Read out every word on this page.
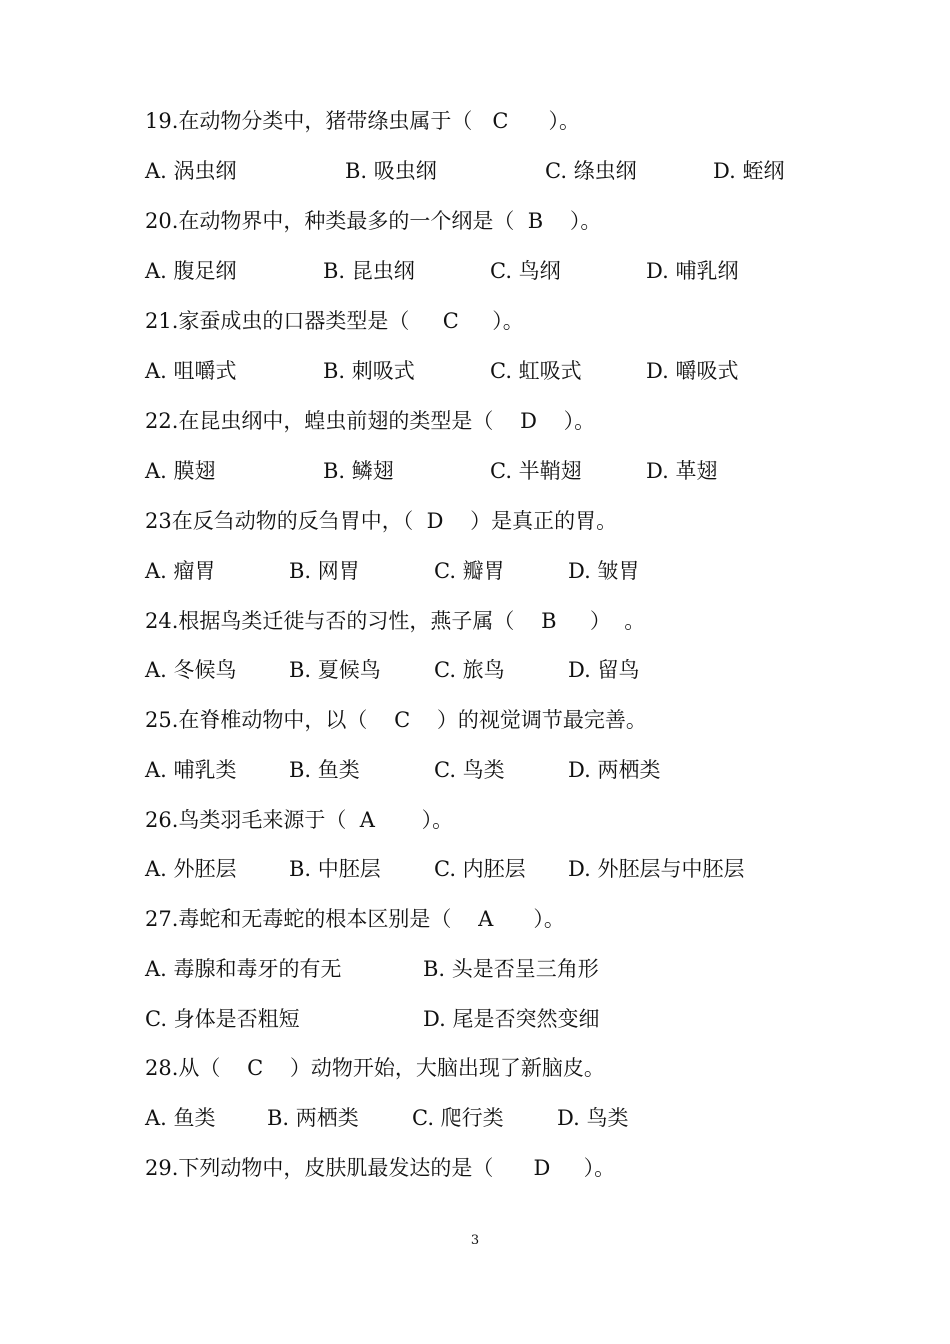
19.在动物分类中，猪带绦虫属于（   C      ）。
A. 涡虫纲	B. 吸虫纲	C. 绦虫纲	D. 蛭纲
20.在动物界中，种类最多的一个纲是（  B    ）。
A. 腹足纲	B. 昆虫纲	C. 鸟纲	D. 哺乳纲
21.家蚕成虫的口器类型是（     C     ）。
A. 咀嚼式	B. 刺吸式	C. 虹吸式	D. 嚼吸式
22.在昆虫纲中，蝗虫前翅的类型是（    D    ）。
A. 膜翅	B. 鳞翅	C. 半鞘翅	D. 革翅
23在反刍动物的反刍胃中，（  D    ）是真正的胃。
A. 瘤胃	B. 网胃	C. 瓣胃	D. 皱胃
24.根据鸟类迁徙与否的习性，燕子属（    B     ）  。
A. 冬候鸟 B. 夏候鸟	C. 旅鸟	D. 留鸟
25.在脊椎动物中，以（    C    ）的视觉调节最完善。
A. 哺乳类 B. 鱼类	C. 鸟类	D. 两栖类
26.鸟类羽毛来源于（  A       ）。
A. 外胚层 B. 中胚层	C. 内胚层 D. 外胚层与中胚层
27.毒蛇和无毒蛇的根本区别是（    A      ）。
A. 毒腺和毒牙的有无	B. 头是否呈三角形
C. 身体是否粗短	D. 尾是否突然变细
28.从（    C    ）动物开始，大脑出现了新脑皮。
A. 鱼类 B. 两栖类	C. 爬行类	D. 鸟类
29.下列动物中，皮肤肌最发达的是（      D     ）。
3
